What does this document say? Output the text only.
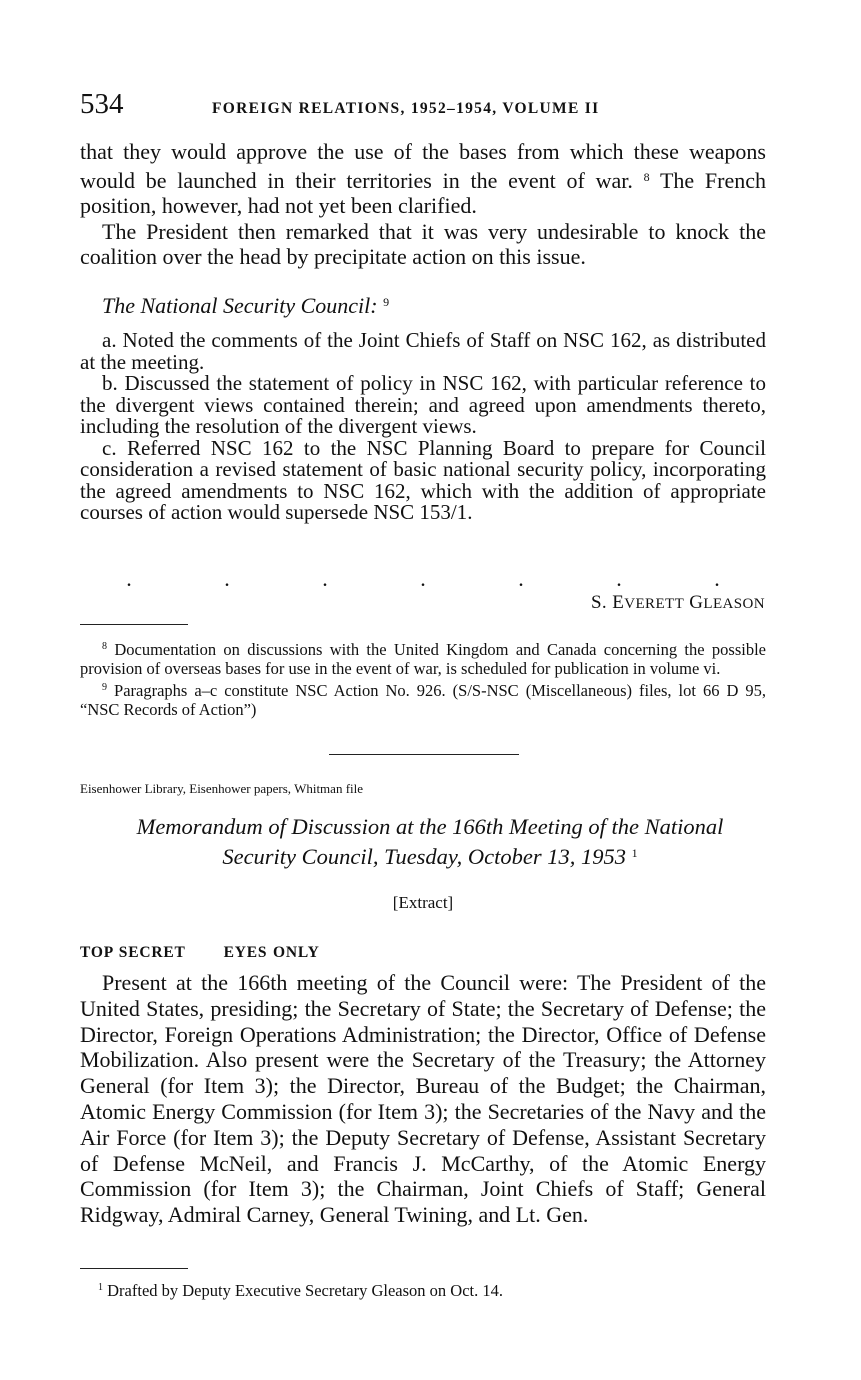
534	FOREIGN RELATIONS, 1952–1954, VOLUME II

that they would approve the use of the bases from which these weapons would be launched in their territories in the event of war. $^8$ The French position, however, had not yet been clarified.

The President then remarked that it was very undesirable to knock the coalition over the head by precipitate action on this issue.

The National Security Council: $^9$

a. Noted the comments of the Joint Chiefs of Staff on NSC 162, as distributed at the meeting.

b. Discussed the statement of policy in NSC 162, with particular reference to the divergent views contained therein; and agreed upon amendments thereto, including the resolution of the divergent views.

c. Referred NSC 162 to the NSC Planning Board to prepare for Council consideration a revised statement of basic national security policy, incorporating the agreed amendments to NSC 162, which with the addition of appropriate courses of action would supersede NSC 153/1.

.	.	.	.	.	.	.
S. EVERETT GLEASON

$^8$ Documentation on discussions with the United Kingdom and Canada concerning the possible provision of overseas bases for use in the event of war, is scheduled for publication in volume vi.

$^9$ Paragraphs a–c constitute NSC Action No. 926. (S/S-NSC (Miscellaneous) files, lot 66 D 95, “NSC Records of Action”)

Eisenhower Library, Eisenhower papers, Whitman file
Memorandum of Discussion at the 166th Meeting of the National
Security Council, Tuesday, October 13, 1953 $^1$
[Extract]
TOP SECRET EYES ONLY

Present at the 166th meeting of the Council were: The President of the United States, presiding; the Secretary of State; the Secretary of Defense; the Director, Foreign Operations Administration; the Director, Office of Defense Mobilization. Also present were the Secretary of the Treasury; the Attorney General (for Item 3); the Director, Bureau of the Budget; the Chairman, Atomic Energy Commission (for Item 3); the Secretaries of the Navy and the Air Force (for Item 3); the Deputy Secretary of Defense, Assistant Secretary of Defense McNeil, and Francis J. McCarthy, of the Atomic Energy Commission (for Item 3); the Chairman, Joint Chiefs of Staff; General Ridgway, Admiral Carney, General Twining, and Lt. Gen.

$^1$ Drafted by Deputy Executive Secretary Gleason on Oct. 14.
